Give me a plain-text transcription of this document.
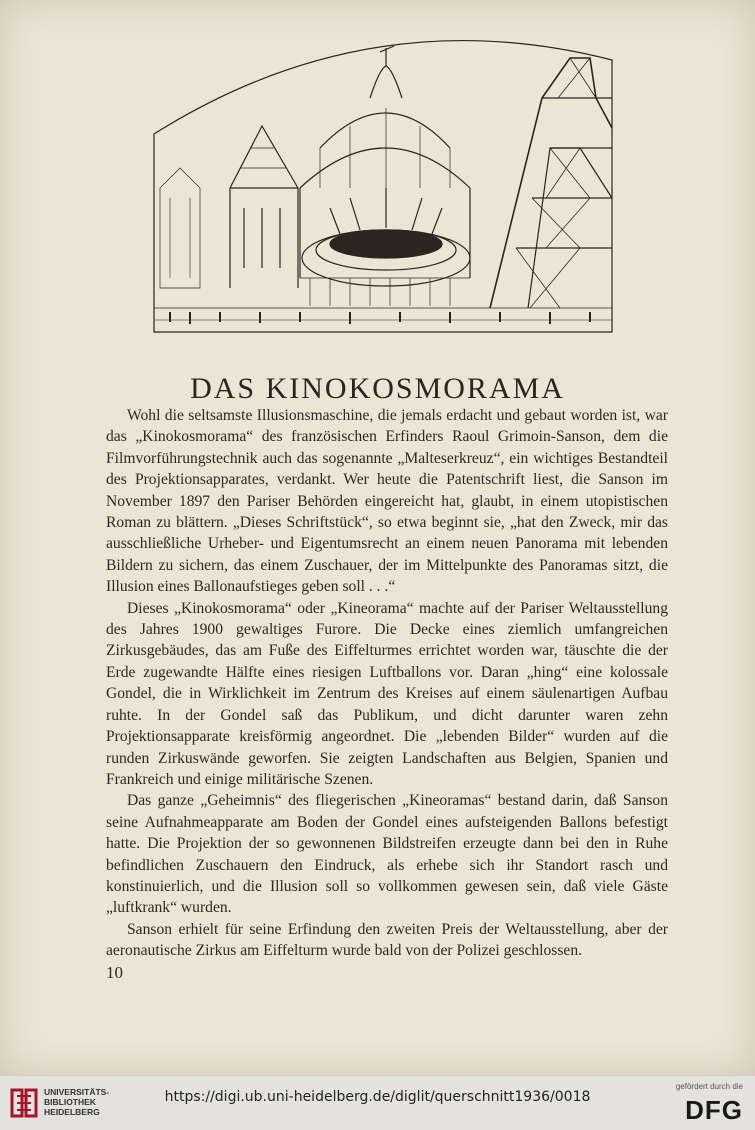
DAS KINOKOSMORAMA

Wohl die seltsamste Illusionsmaschine, die jemals erdacht und gebaut worden ist, war das „Kinokosmorama“ des französischen Erfinders Raoul Grimoin-Sanson, dem die Filmvorführungstechnik auch das sogenannte „Malteserkreuz“, ein wichtiges Bestandteil des Projektionsapparates, verdankt. Wer heute die Patentschrift liest, die Sanson im November 1897 den Pariser Behörden eingereicht hat, glaubt, in einem utopistischen Roman zu blättern. „Dieses Schriftstück“, so etwa beginnt sie, „hat den Zweck, mir das ausschließliche Urheber- und Eigentumsrecht an einem neuen Panorama mit lebenden Bildern zu sichern, das einem Zuschauer, der im Mittelpunkte des Panoramas sitzt, die Illusion eines Ballonaufstieges geben soll . . .“

Dieses „Kinokosmorama“ oder „Kineorama“ machte auf der Pariser Weltausstellung des Jahres 1900 gewaltiges Furore. Die Decke eines ziemlich umfangreichen Zirkusgebäudes, das am Fuße des Eiffelturmes errichtet worden war, täuschte die der Erde zugewandte Hälfte eines riesigen Luftballons vor. Daran „hing“ eine kolossale Gondel, die in Wirklichkeit im Zentrum des Kreises auf einem säulenartigen Aufbau ruhte. In der Gondel saß das Publikum, und dicht darunter waren zehn Projektionsapparate kreisförmig angeordnet. Die „lebenden Bilder“ wurden auf die runden Zirkuswände geworfen. Sie zeigten Landschaften aus Belgien, Spanien und Frankreich und einige militärische Szenen.

Das ganze „Geheimnis“ des fliegerischen „Kineoramas“ bestand darin, daß Sanson seine Aufnahmeapparate am Boden der Gondel eines aufsteigenden Ballons befestigt hatte. Die Projektion der so gewonnenen Bildstreifen erzeugte dann bei den in Ruhe befindlichen Zuschauern den Eindruck, als erhebe sich ihr Standort rasch und konstinuierlich, und die Illusion soll so vollkommen gewesen sein, daß viele Gäste „luftkrank“ wurden.

Sanson erhielt für seine Erfindung den zweiten Preis der Weltausstellung, aber der aeronautische Zirkus am Eiffelturm wurde bald von der Polizei geschlossen.

10
UNIVERSITÄTS-
BIBLIOTHEK
HEIDELBERG
https://digi.ub.uni-heidelberg.de/diglit/querschnitt1936/0018
gefördert durch die
DFG
